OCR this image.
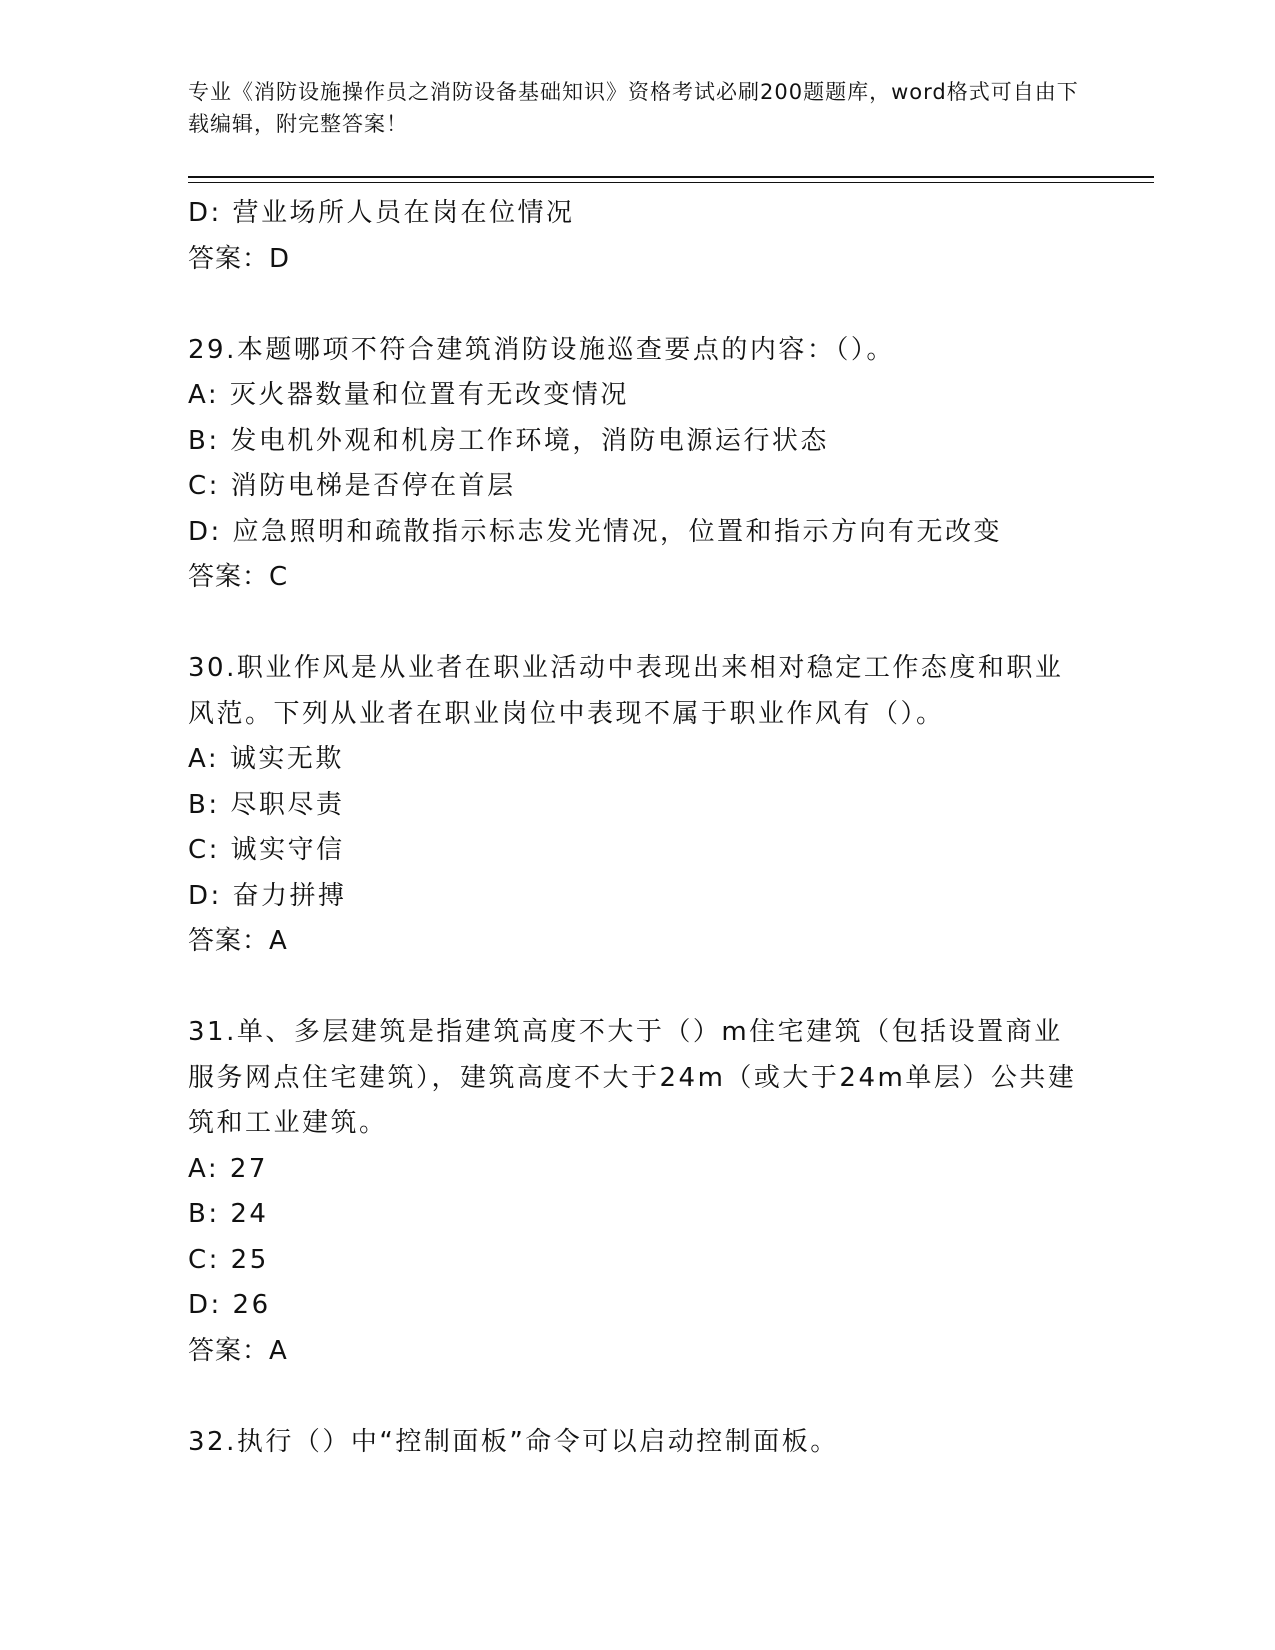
专业《消防设施操作员之消防设备基础知识》资格考试必刷200题题库，word格式可自由下载编辑，附完整答案！
D: 营业场所人员在岗在位情况
答案：D
29.本题哪项不符合建筑消防设施巡查要点的内容：（）。
A: 灭火器数量和位置有无改变情况
B: 发电机外观和机房工作环境，消防电源运行状态
C: 消防电梯是否停在首层
D: 应急照明和疏散指示标志发光情况，位置和指示方向有无改变
答案：C
30.职业作风是从业者在职业活动中表现出来相对稳定工作态度和职业风范。下列从业者在职业岗位中表现不属于职业作风有（）。
A: 诚实无欺
B: 尽职尽责
C: 诚实守信
D: 奋力拼搏
答案：A
31.单、多层建筑是指建筑高度不大于（）m住宅建筑（包括设置商业服务网点住宅建筑），建筑高度不大于24m（或大于24m单层）公共建筑和工业建筑。
A: 27
B: 24
C: 25
D: 26
答案：A
32.执行（）中“控制面板”命令可以启动控制面板。
